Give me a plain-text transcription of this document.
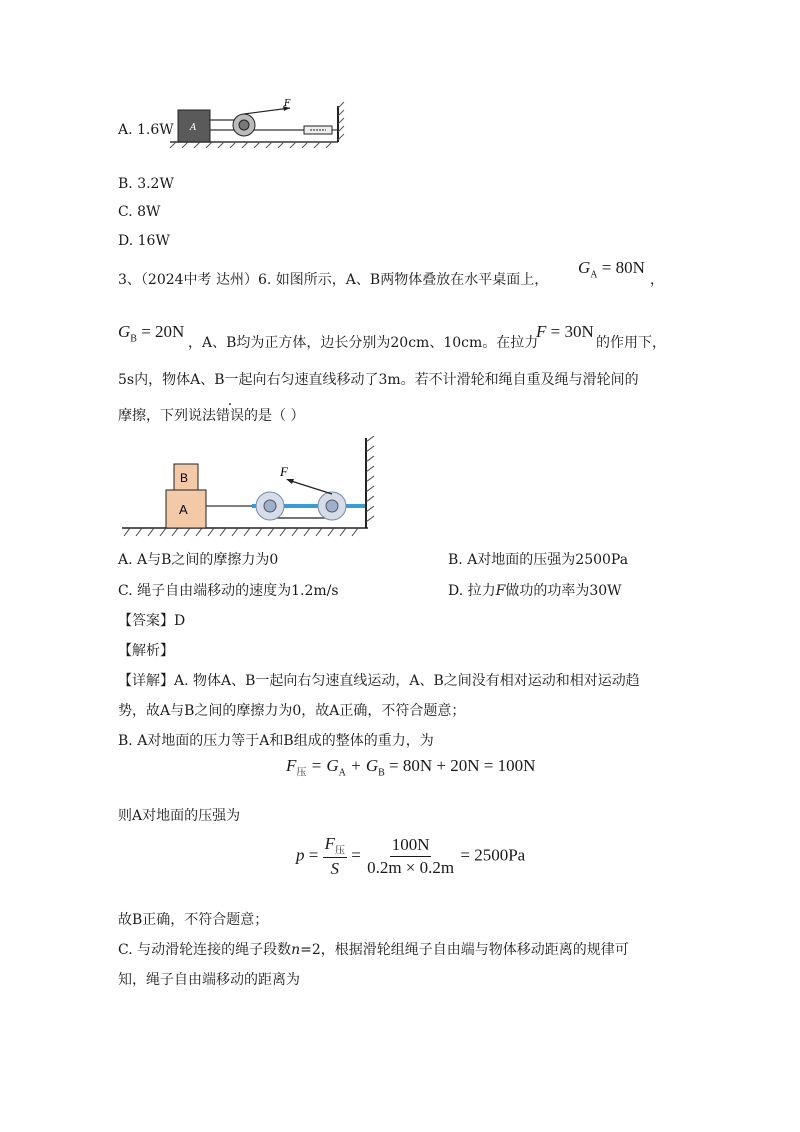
A. 1.6W A
F
B. 3.2W
C. 8W
D. 16W
3、（2024中考 达州）6. 如图所示，A、B两物体叠放在水平桌面上，
$G_A = 80N$
，
$G_B = 20N$
，A、B均为正方体，边长分别为20cm、10cm。在拉力
F = 30N
的作用下，
5s内，物体A、B一起向右匀速直线移动了3m。若不计滑轮和绳自重及绳与滑轮间的
摩擦，下列说法错误的是（ ）
A
B	F
A. A与B之间的摩擦力为0	B. A对地面的压强为2500Pa
C. 绳子自由端移动的速度为1.2m/s	D. 拉力F做功的功率为30W
【答案】D
【解析】
【详解】A. 物体A、B一起向右匀速直线运动，A、B之间没有相对运动和相对运动趋
势，故A与B之间的摩擦力为0，故A正确，不符合题意；
B. A对地面的压力等于A和B组成的整体的重力，为
$F_压 = G_A + G_B = 80N + 20N = 100N$
则A对地面的压强为
$p = \frac{F_压}{S} = \frac{100N}{0.2m \times 0.2m} = 2500Pa$
故B正确，不符合题意；
C. 与动滑轮连接的绳子段数n=2，根据滑轮组绳子自由端与物体移动距离的规律可
知，绳子自由端移动的距离为
